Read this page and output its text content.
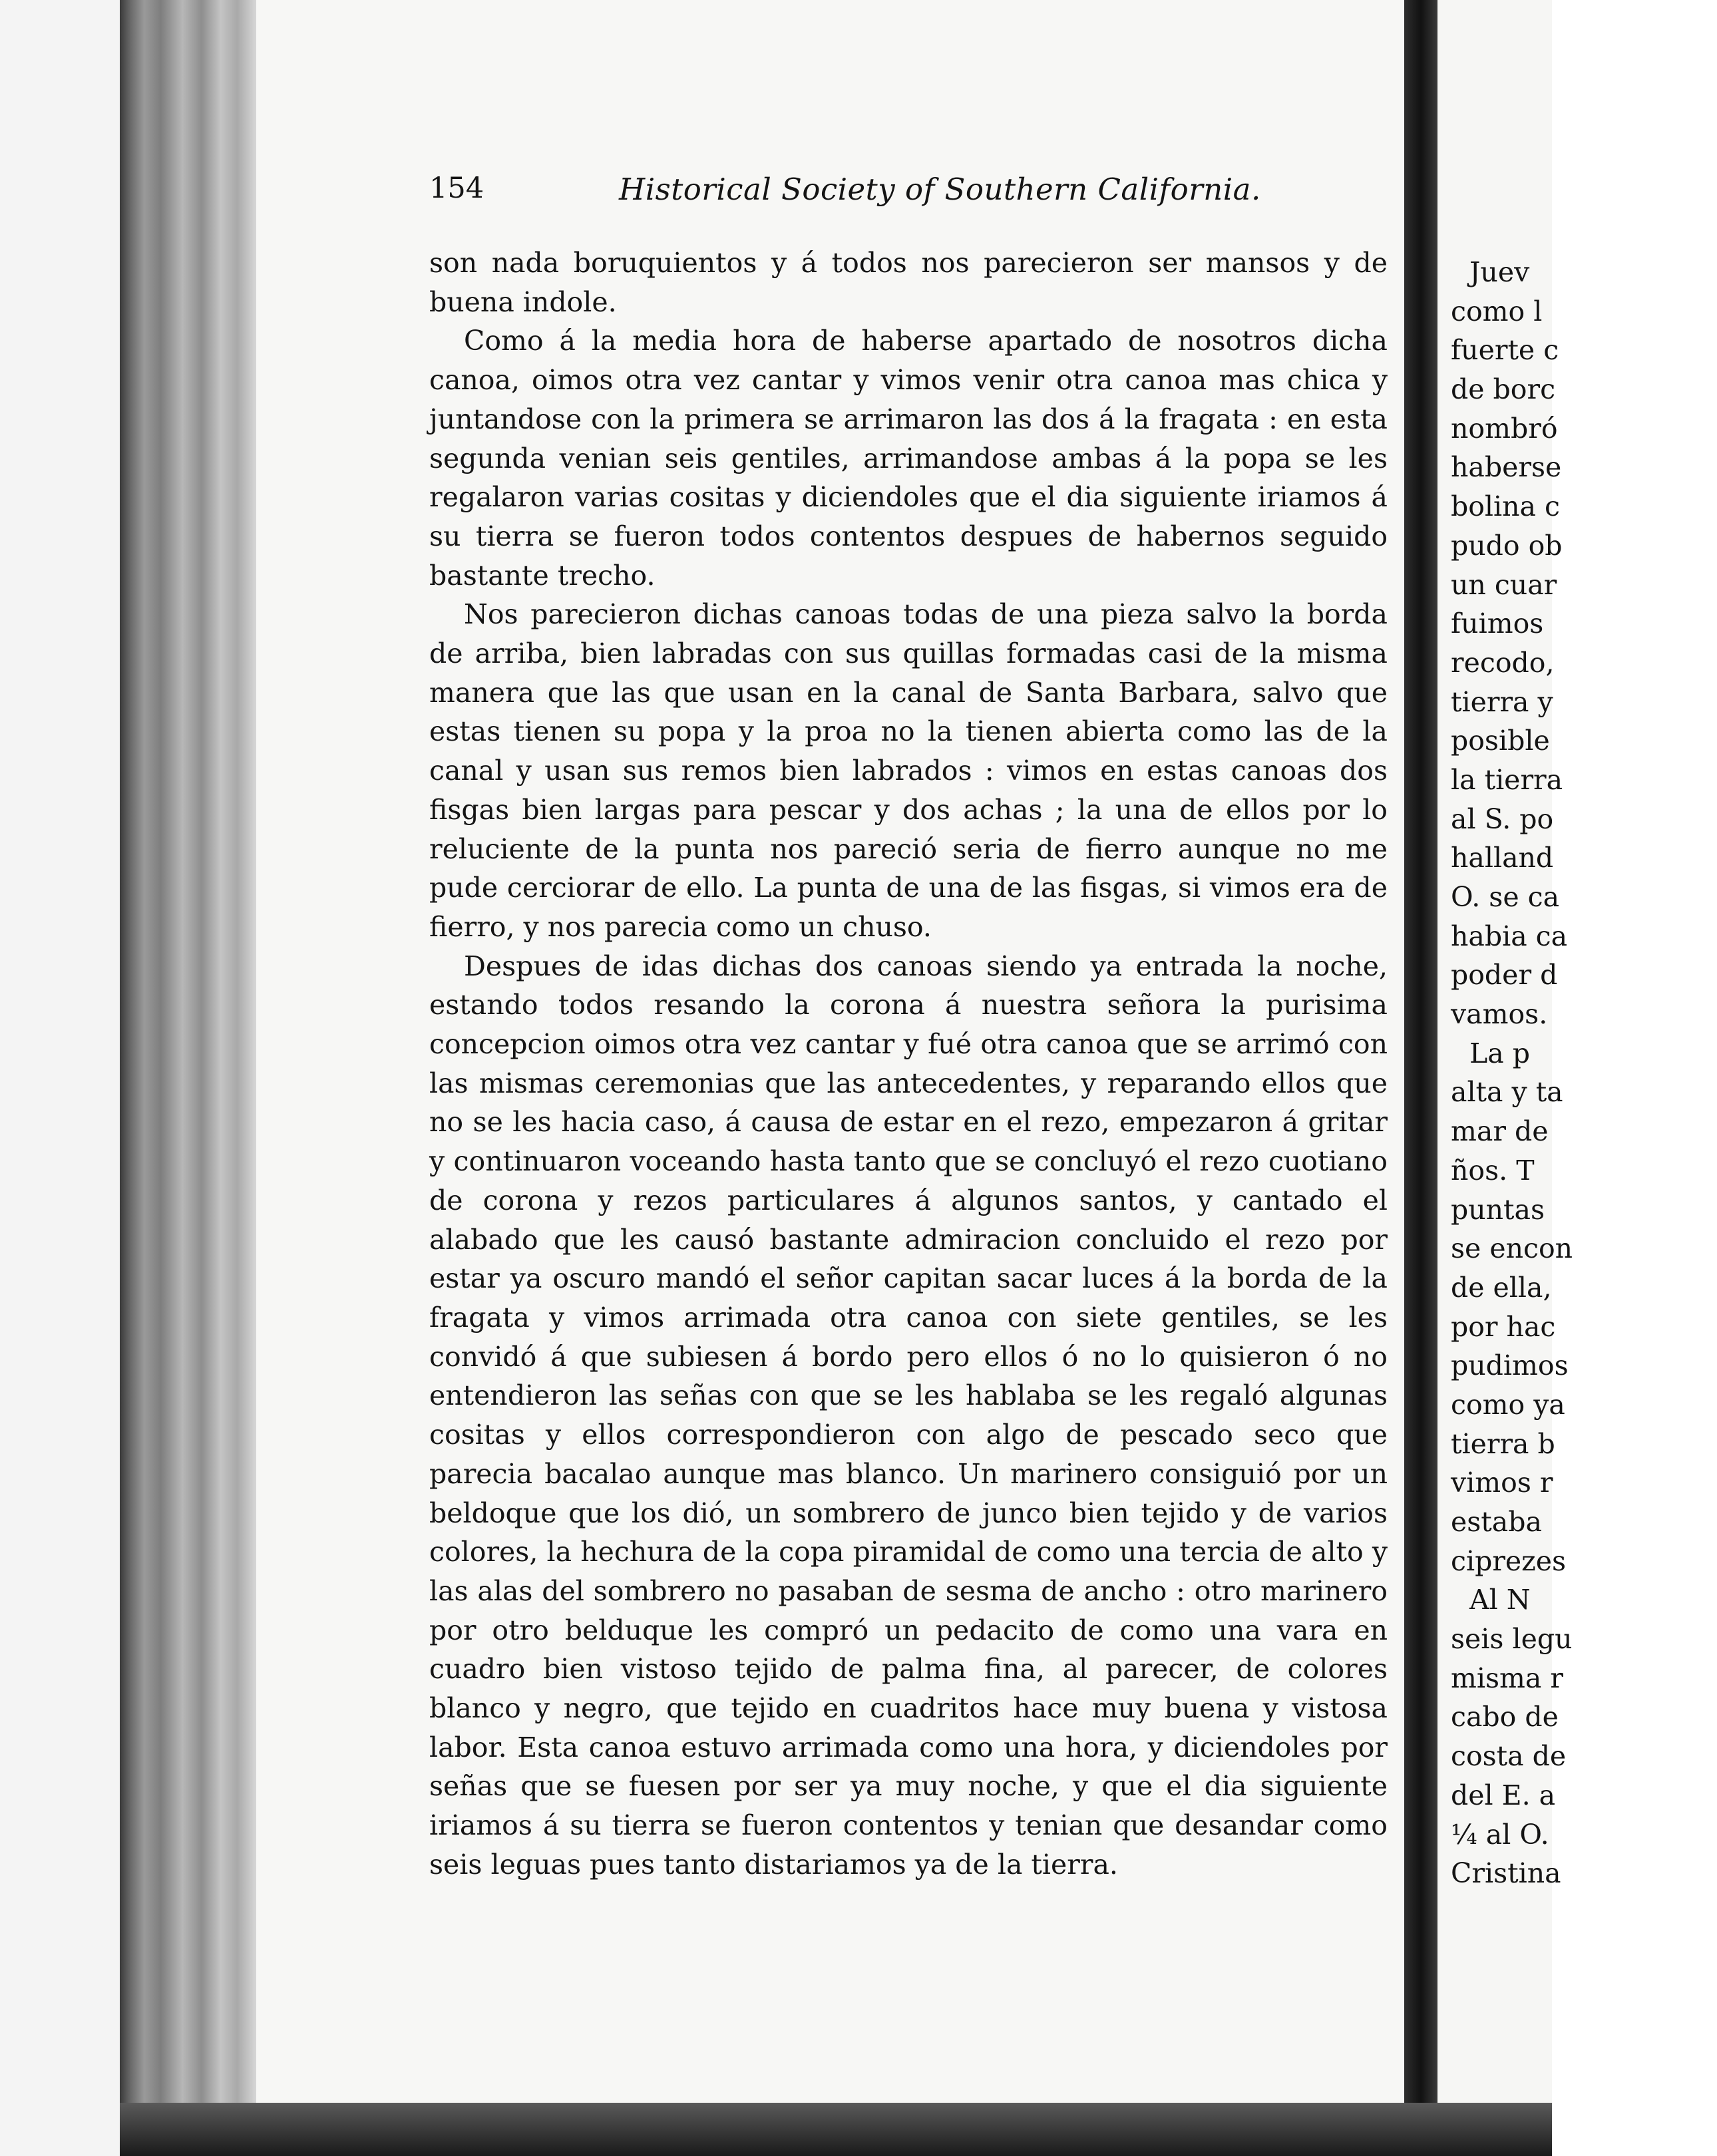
154	Historical Society of Southern California.

son nada boruquientos y á todos nos parecieron ser mansos y de buena indole.

Como á la media hora de haberse apartado de nosotros dicha canoa, oimos otra vez cantar y vimos venir otra canoa mas chica y juntandose con la primera se arrimaron las dos á la fragata : en esta segunda venian seis gentiles, arrimandose ambas á la popa se les regalaron varias cositas y diciendoles que el dia siguiente iriamos á su tierra se fueron todos contentos despues de habernos seguido bastante trecho.

Nos parecieron dichas canoas todas de una pieza salvo la borda de arriba, bien labradas con sus quillas formadas casi de la misma manera que las que usan en la canal de Santa Barbara, salvo que estas tienen su popa y la proa no la tienen abierta como las de la canal y usan sus remos bien labrados : vimos en estas canoas dos fisgas bien largas para pescar y dos achas ; la una de ellos por lo reluciente de la punta nos pareció seria de fierro aunque no me pude cerciorar de ello. La punta de una de las fisgas, si vimos era de fierro, y nos parecia como un chuso.

Despues de idas dichas dos canoas siendo ya entrada la noche, estando todos resando la corona á nuestra señora la purisima concepcion oimos otra vez cantar y fué otra canoa que se arrimó con las mismas ceremonias que las antecedentes, y reparando ellos que no se les hacia caso, á causa de estar en el rezo, empezaron á gritar y continuaron voceando hasta tanto que se concluyó el rezo cuotiano de corona y rezos particulares á algunos santos, y cantado el alabado que les causó bastante admiracion concluido el rezo por estar ya oscuro mandó el señor capitan sacar luces á la borda de la fragata y vimos arrimada otra canoa con siete gentiles, se les convidó á que subiesen á bordo pero ellos ó no lo quisieron ó no entendieron las señas con que se les hablaba se les regaló algunas cositas y ellos correspondieron con algo de pescado seco que parecia bacalao aunque mas blanco. Un marinero consiguió por un beldoque que los dió, un sombrero de junco bien tejido y de varios colores, la hechura de la copa piramidal de como una tercia de alto y las alas del sombrero no pasaban de sesma de ancho : otro marinero por otro belduque les compró un pedacito de como una vara en cuadro bien vistoso tejido de palma fina, al parecer, de colores blanco y negro, que tejido en cuadritos hace muy buena y vistosa labor. Esta canoa estuvo arrimada como una hora, y diciendoles por señas que se fuesen por ser ya muy noche, y que el dia siguiente iriamos á su tierra se fueron contentos y tenian que desandar como seis leguas pues tanto distariamos ya de la tierra.

Juev
como l
fuerte c
de borc
nombró
haberse
bolina c
pudo ob
un cuar
fuimos
recodo,
tierra y
posible
la tierra
al S. po
halland
O. se ca
habia ca
poder d
vamos.
La p
alta y ta
mar de
ños. T
puntas
se encon
de ella,
por hac
pudimos
como ya
tierra b
vimos r
estaba
ciprezes
Al N
seis legu
misma r
cabo de
costa de
del E. a
¼ al O.
Cristina
